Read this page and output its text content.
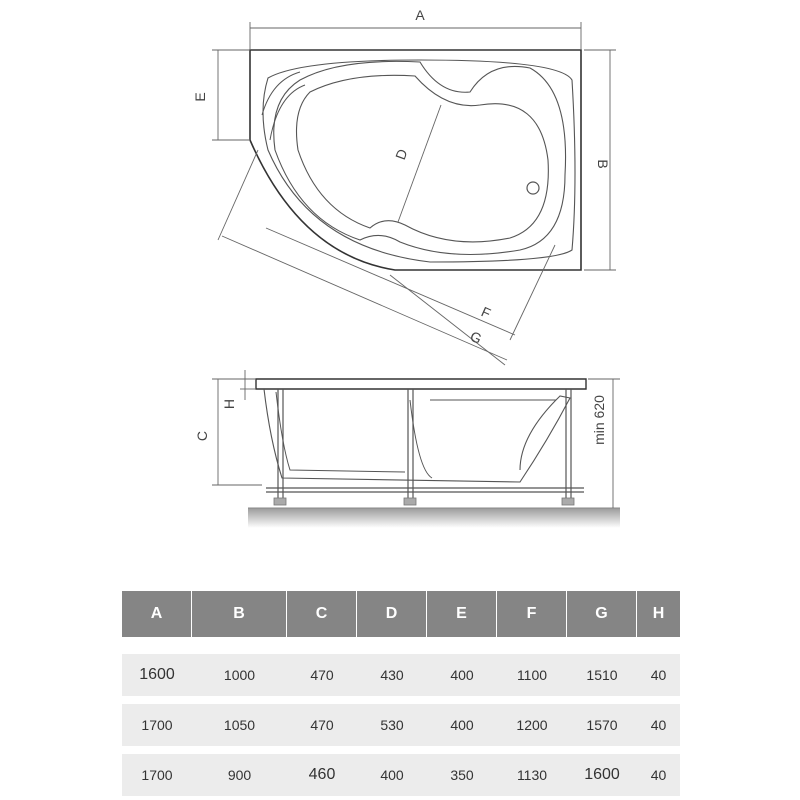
A
B
D
E
F
G
C
H	min 620
A	B	C	D	E	F	G	H
1600	1000	470	430	400	1100	1510	40
1700	1050	470	530	400	1200	1570	40
1700	900	460	400	350	1130	1600	40
